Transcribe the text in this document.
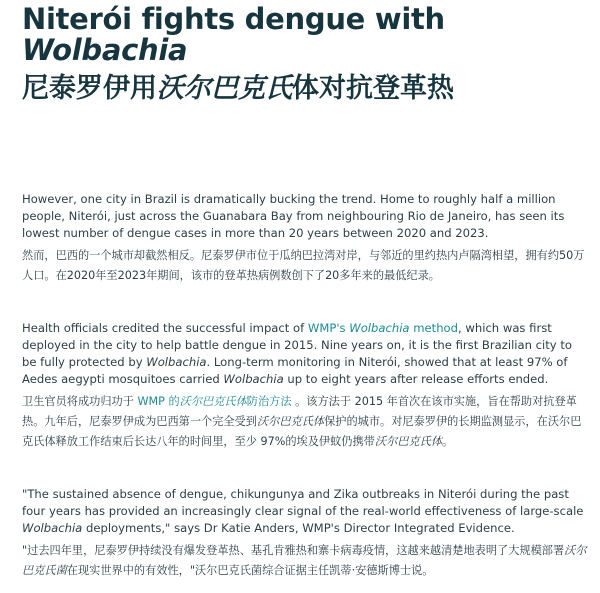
Niterói fights dengue with
Wolbachia
尼泰罗伊用沃尔巴克氏体对抗登革热

However, one city in Brazil is dramatically bucking the trend. Home to roughly half a million people, Niterói, just across the Guanabara Bay from neighbouring Rio de Janeiro, has seen its lowest number of dengue cases in more than 20 years between 2020 and 2023.

然而，巴西的一个城市却截然相反。尼泰罗伊市位于瓜纳巴拉湾对岸，与邻近的里约热内卢隔湾相望，拥有约50万人口。在2020年至2023年期间，该市的登革热病例数创下了20多年来的最低纪录。

Health officials credited the successful impact of WMP's Wolbachia method, which was first deployed in the city to help battle dengue in 2015. Nine years on, it is the first Brazilian city to be fully protected by Wolbachia. Long-term monitoring in Niterói, showed that at least 97% of Aedes aegypti mosquitoes carried Wolbachia up to eight years after release efforts ended.

卫生官员将成功归功于 WMP 的沃尔巴克氏体防治方法 。该方法于 2015 年首次在该市实施，旨在帮助对抗登革热。九年后，尼泰罗伊成为巴西第一个完全受到沃尔巴克氏体保护的城市。对尼泰罗伊的长期监测显示，在沃尔巴克氏体释放工作结束后长达八年的时间里，至少 97%的埃及伊蚊仍携带沃尔巴克氏体。

"The sustained absence of dengue, chikungunya and Zika outbreaks in Niterói during the past four years has provided an increasingly clear signal of the real-world effectiveness of large-scale Wolbachia deployments," says Dr Katie Anders, WMP's Director Integrated Evidence.

"过去四年里，尼泰罗伊持续没有爆发登革热、基孔肯雅热和寨卡病毒疫情，这越来越清楚地表明了大规模部署沃尔巴克氏菌在现实世界中的有效性，"沃尔巴克氏菌综合证据主任凯蒂·安德斯博士说。
